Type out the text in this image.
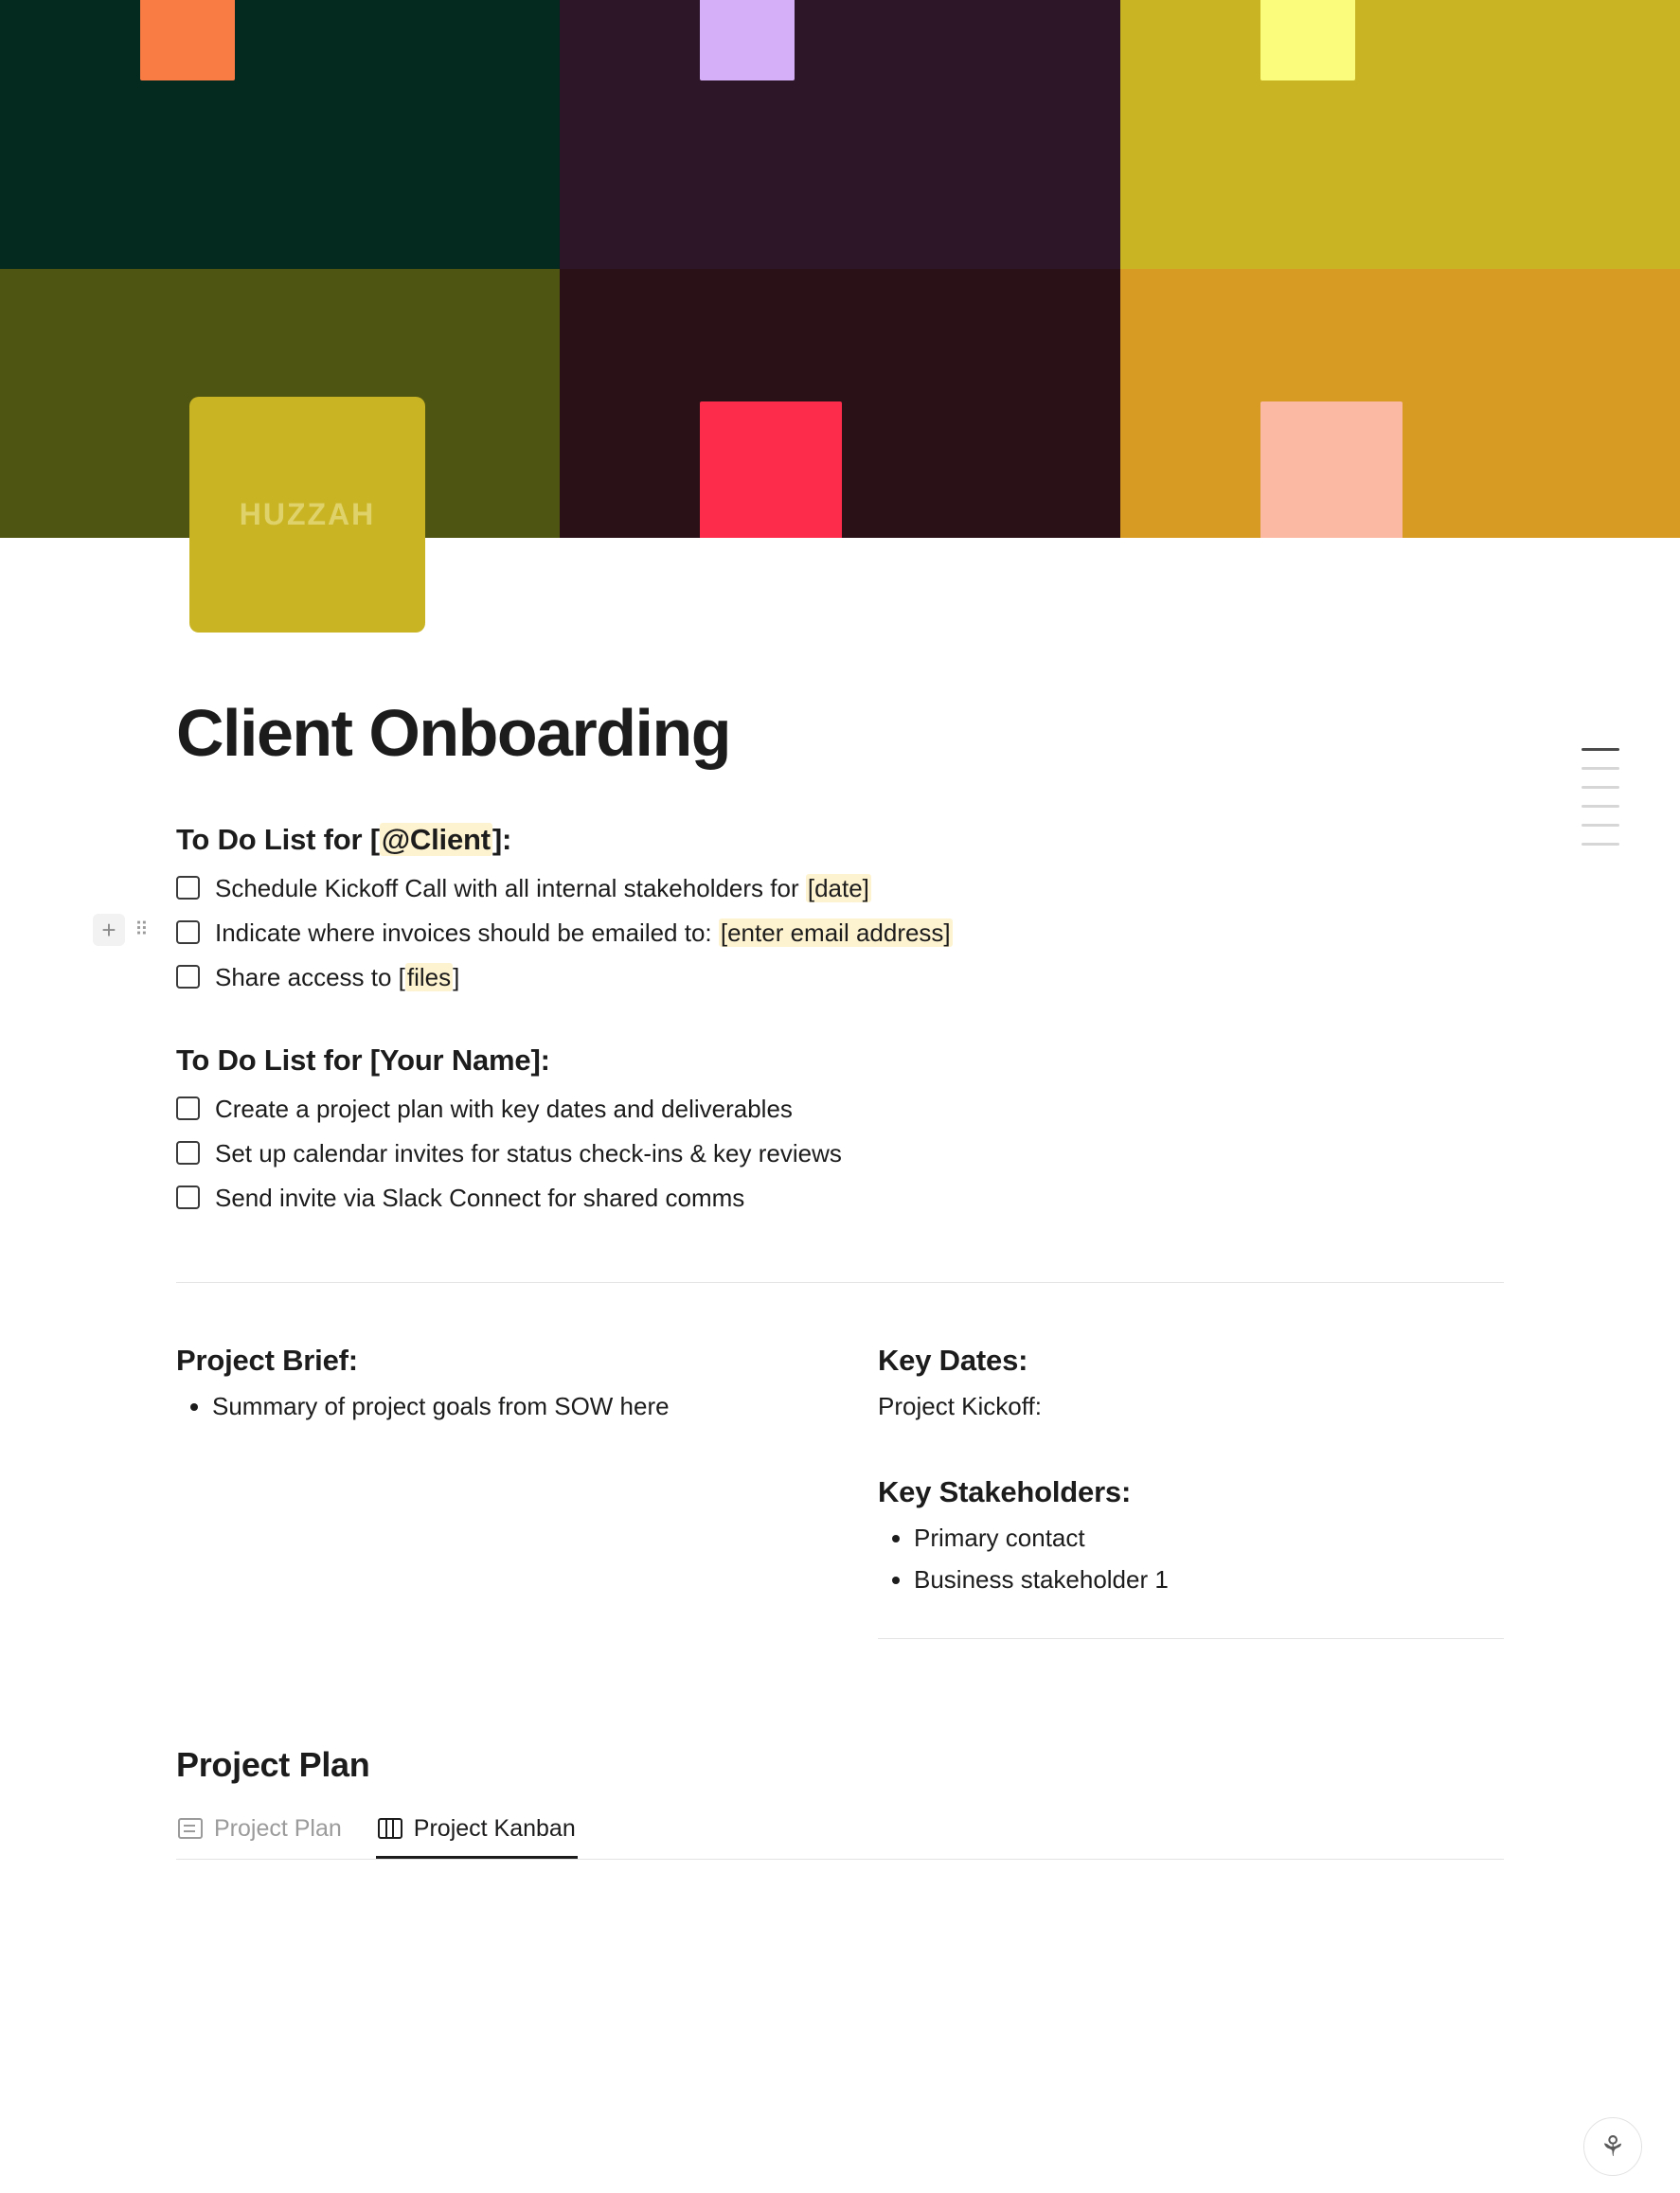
HUZZAH
Client Onboarding
To Do List for [@Client]:
Schedule Kickoff Call with all internal stakeholders for [date]
+ ⠿	Indicate where invoices should be emailed to: [enter email address]
Share access to [files]
To Do List for [Your Name]:
Create a project plan with key dates and deliverables
Set up calendar invites for status check-ins & key reviews
Send invite via Slack Connect for shared comms
Project Brief:
• Summary of project goals from SOW here
Key Dates:
Project Kickoff:
Key Stakeholders:
• Primary contact
• Business stakeholder 1
Project Plan
Project Plan	Project Kanban
⚘
